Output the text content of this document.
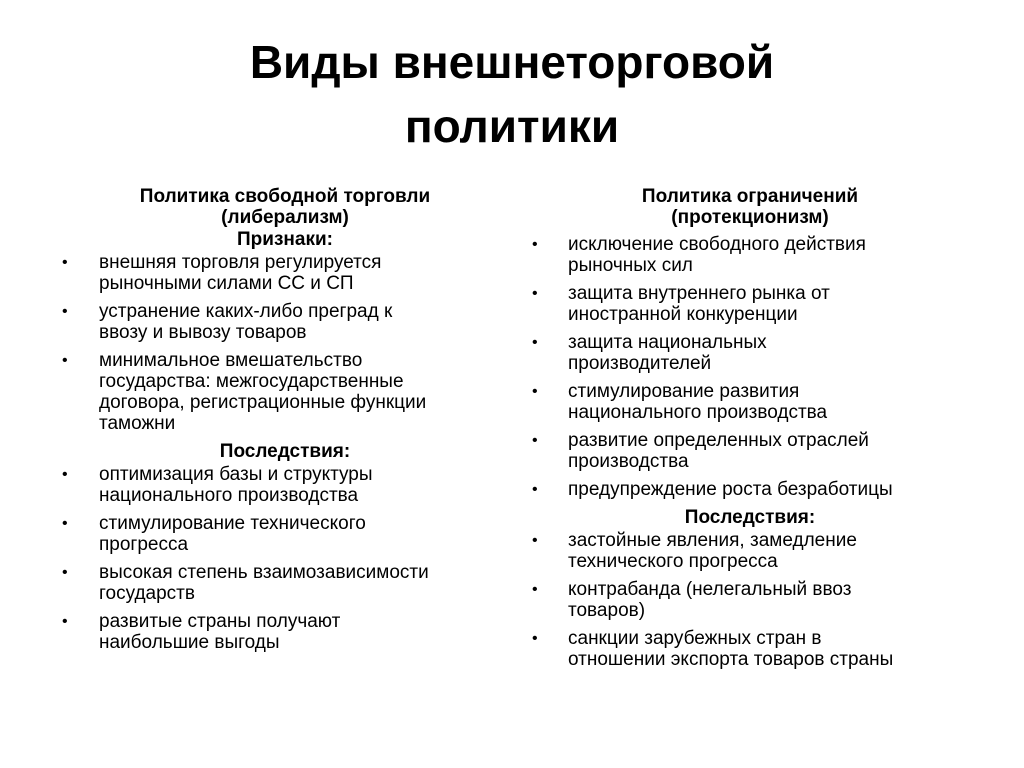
Виды внешнеторговой
политики
Политика свободной торговли
(либерализм)
Признаки:
• внешняя торговля регулируется
рыночными силами СС и СП
• устранение каких-либо преград к
ввозу и вывозу товаров
• минимальное вмешательство
государства: межгосударственные
договора, регистрационные функции
таможни
Последствия:
• оптимизация базы и структуры
национального производства
• стимулирование технического
прогресса
• высокая степень взаимозависимости
государств
• развитые страны получают
наибольшие выгоды
Политика ограничений
(протекционизм)
• исключение свободного действия
рыночных сил
• защита внутреннего рынка от
иностранной конкуренции
• защита национальных
производителей
• стимулирование развития
национального производства
• развитие определенных отраслей
производства
• предупреждение роста безработицы
Последствия:
• застойные явления, замедление
технического прогресса
• контрабанда (нелегальный ввоз
товаров)
• санкции зарубежных стран в
отношении экспорта товаров страны
